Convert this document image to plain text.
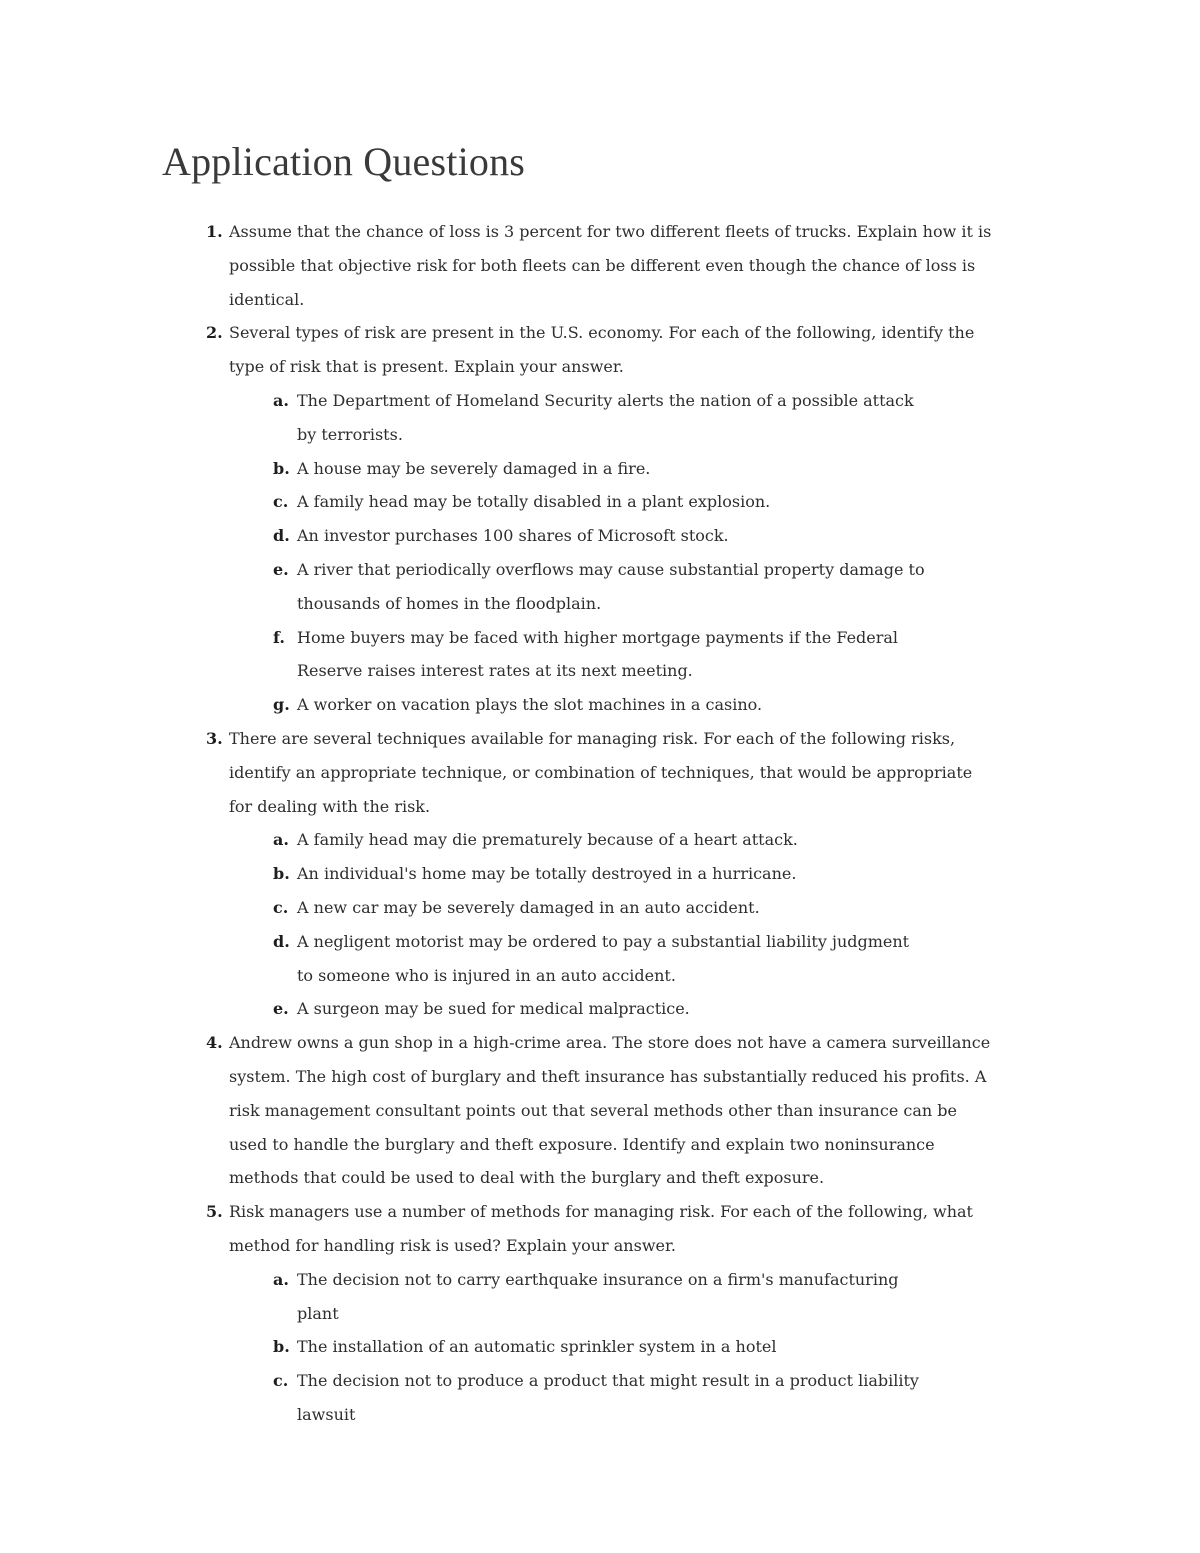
Application Questions
1. Assume that the chance of loss is 3 percent for two different fleets of trucks. Explain how it is possible that objective risk for both fleets can be different even though the chance of loss is identical.
2. Several types of risk are present in the U.S. economy. For each of the following, identify the type of risk that is present. Explain your answer.
a. The Department of Homeland Security alerts the nation of a possible attack by terrorists.
b. A house may be severely damaged in a fire.
c. A family head may be totally disabled in a plant explosion.
d. An investor purchases 100 shares of Microsoft stock.
e. A river that periodically overflows may cause substantial property damage to thousands of homes in the floodplain.
f. Home buyers may be faced with higher mortgage payments if the Federal Reserve raises interest rates at its next meeting.
g. A worker on vacation plays the slot machines in a casino.
3. There are several techniques available for managing risk. For each of the following risks, identify an appropriate technique, or combination of techniques, that would be appropriate for dealing with the risk.
a. A family head may die prematurely because of a heart attack.
b. An individual's home may be totally destroyed in a hurricane.
c. A new car may be severely damaged in an auto accident.
d. A negligent motorist may be ordered to pay a substantial liability judgment to someone who is injured in an auto accident.
e. A surgeon may be sued for medical malpractice.
4. Andrew owns a gun shop in a high-crime area. The store does not have a camera surveillance system. The high cost of burglary and theft insurance has substantially reduced his profits. A risk management consultant points out that several methods other than insurance can be used to handle the burglary and theft exposure. Identify and explain two noninsurance methods that could be used to deal with the burglary and theft exposure.
5. Risk managers use a number of methods for managing risk. For each of the following, what method for handling risk is used? Explain your answer.
a. The decision not to carry earthquake insurance on a firm's manufacturing plant
b. The installation of an automatic sprinkler system in a hotel
c. The decision not to produce a product that might result in a product liability lawsuit
